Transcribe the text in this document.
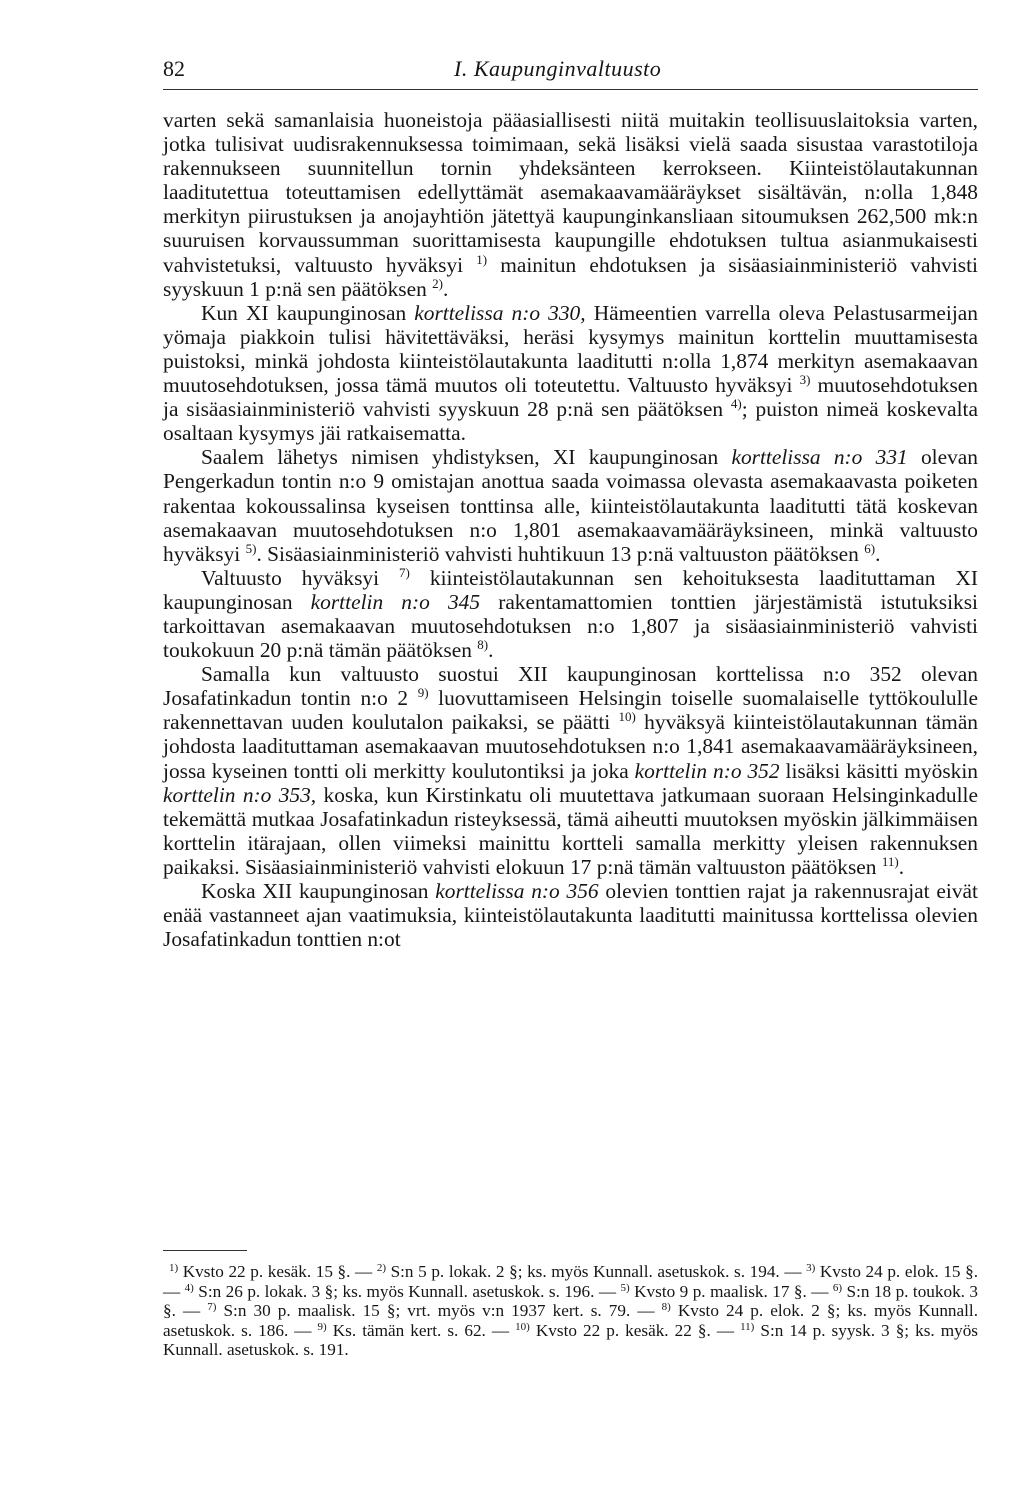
82	I. Kaupunginvaltuusto

varten sekä samanlaisia huoneistoja pääasiallisesti niitä muitakin teollisuuslaitoksia varten, jotka tulisivat uudisrakennuksessa toimimaan, sekä lisäksi vielä saada sisustaa varastotiloja rakennukseen suunnitellun tornin yhdeksänteen kerrokseen. Kiinteistölautakunnan laaditutettua toteuttamisen edellyttämät asemakaavamääräykset sisältävän, n:olla 1,848 merkityn piirustuksen ja anojayhtiön jätettyä kaupunginkansliaan sitoumuksen 262,500 mk:n suuruisen korvaussumman suorittamisesta kaupungille ehdotuksen tultua asianmukaisesti vahvistetuksi, valtuusto hyväksyi $^{1)}$ mainitun ehdotuksen ja sisäasiainministeriö vahvisti syyskuun 1 p:nä sen päätöksen $^{2)}$.

Kun XI kaupunginosan korttelissa n:o 330, Hämeentien varrella oleva Pelastusarmeijan yömaja piakkoin tulisi hävitettäväksi, heräsi kysymys mainitun korttelin muuttamisesta puistoksi, minkä johdosta kiinteistölautakunta laaditutti n:olla 1,874 merkityn asemakaavan muutosehdotuksen, jossa tämä muutos oli toteutettu. Valtuusto hyväksyi $^{3)}$ muutosehdotuksen ja sisäasiainministeriö vahvisti syyskuun 28 p:nä sen päätöksen $^{4)}$; puiston nimeä koskevalta osaltaan kysymys jäi ratkaisematta.

Saalem lähetys nimisen yhdistyksen, XI kaupunginosan korttelissa n:o 331 olevan Pengerkadun tontin n:o 9 omistajan anottua saada voimassa olevasta asemakaavasta poiketen rakentaa kokoussalinsa kyseisen tonttinsa alle, kiinteistölautakunta laaditutti tätä koskevan asemakaavan muutosehdotuksen n:o 1,801 asemakaavamääräyksineen, minkä valtuusto hyväksyi $^{5)}$. Sisäasiainministeriö vahvisti huhtikuun 13 p:nä valtuuston päätöksen $^{6)}$.

Valtuusto hyväksyi $^{7)}$ kiinteistölautakunnan sen kehoituksesta laadituttaman XI kaupunginosan korttelin n:o 345 rakentamattomien tonttien järjestämistä istutuksiksi tarkoittavan asemakaavan muutosehdotuksen n:o 1,807 ja sisäasiainministeriö vahvisti toukokuun 20 p:nä tämän päätöksen $^{8)}$.

Samalla kun valtuusto suostui XII kaupunginosan korttelissa n:o 352 olevan Josafatinkadun tontin n:o 2 $^{9)}$ luovuttamiseen Helsingin toiselle suomalaiselle tyttökoululle rakennettavan uuden koulutalon paikaksi, se päätti $^{10)}$ hyväksyä kiinteistölautakunnan tämän johdosta laadituttaman asemakaavan muutosehdotuksen n:o 1,841 asemakaavamääräyksineen, jossa kyseinen tontti oli merkitty koulutontiksi ja joka korttelin n:o 352 lisäksi käsitti myöskin korttelin n:o 353, koska, kun Kirstinkatu oli muutettava jatkumaan suoraan Helsinginkadulle tekemättä mutkaa Josafatinkadun risteyksessä, tämä aiheutti muutoksen myöskin jälkimmäisen korttelin itärajaan, ollen viimeksi mainittu kortteli samalla merkitty yleisen rakennuksen paikaksi. Sisäasiainministeriö vahvisti elokuun 17 p:nä tämän valtuuston päätöksen $^{11)}$.

Koska XII kaupunginosan korttelissa n:o 356 olevien tonttien rajat ja rakennusrajat eivät enää vastanneet ajan vaatimuksia, kiinteistölautakunta laaditutti mainitussa korttelissa olevien Josafatinkadun tonttien n:ot

$^{1)}$ Kvsto 22 p. kesäk. 15 §. — $^{2)}$ S:n 5 p. lokak. 2 §; ks. myös Kunnall. asetuskok. s. 194. — $^{3)}$ Kvsto 24 p. elok. 15 §. — $^{4)}$ S:n 26 p. lokak. 3 §; ks. myös Kunnall. asetuskok. s. 196. — $^{5)}$ Kvsto 9 p. maalisk. 17 §. — $^{6)}$ S:n 18 p. toukok. 3 §. — $^{7)}$ S:n 30 p. maalisk. 15 §; vrt. myös v:n 1937 kert. s. 79. — $^{8)}$ Kvsto 24 p. elok. 2 §; ks. myös Kunnall. asetuskok. s. 186. — $^{9)}$ Ks. tämän kert. s. 62. — $^{10)}$ Kvsto 22 p. kesäk. 22 §. — $^{11)}$ S:n 14 p. syysk. 3 §; ks. myös Kunnall. asetuskok. s. 191.
